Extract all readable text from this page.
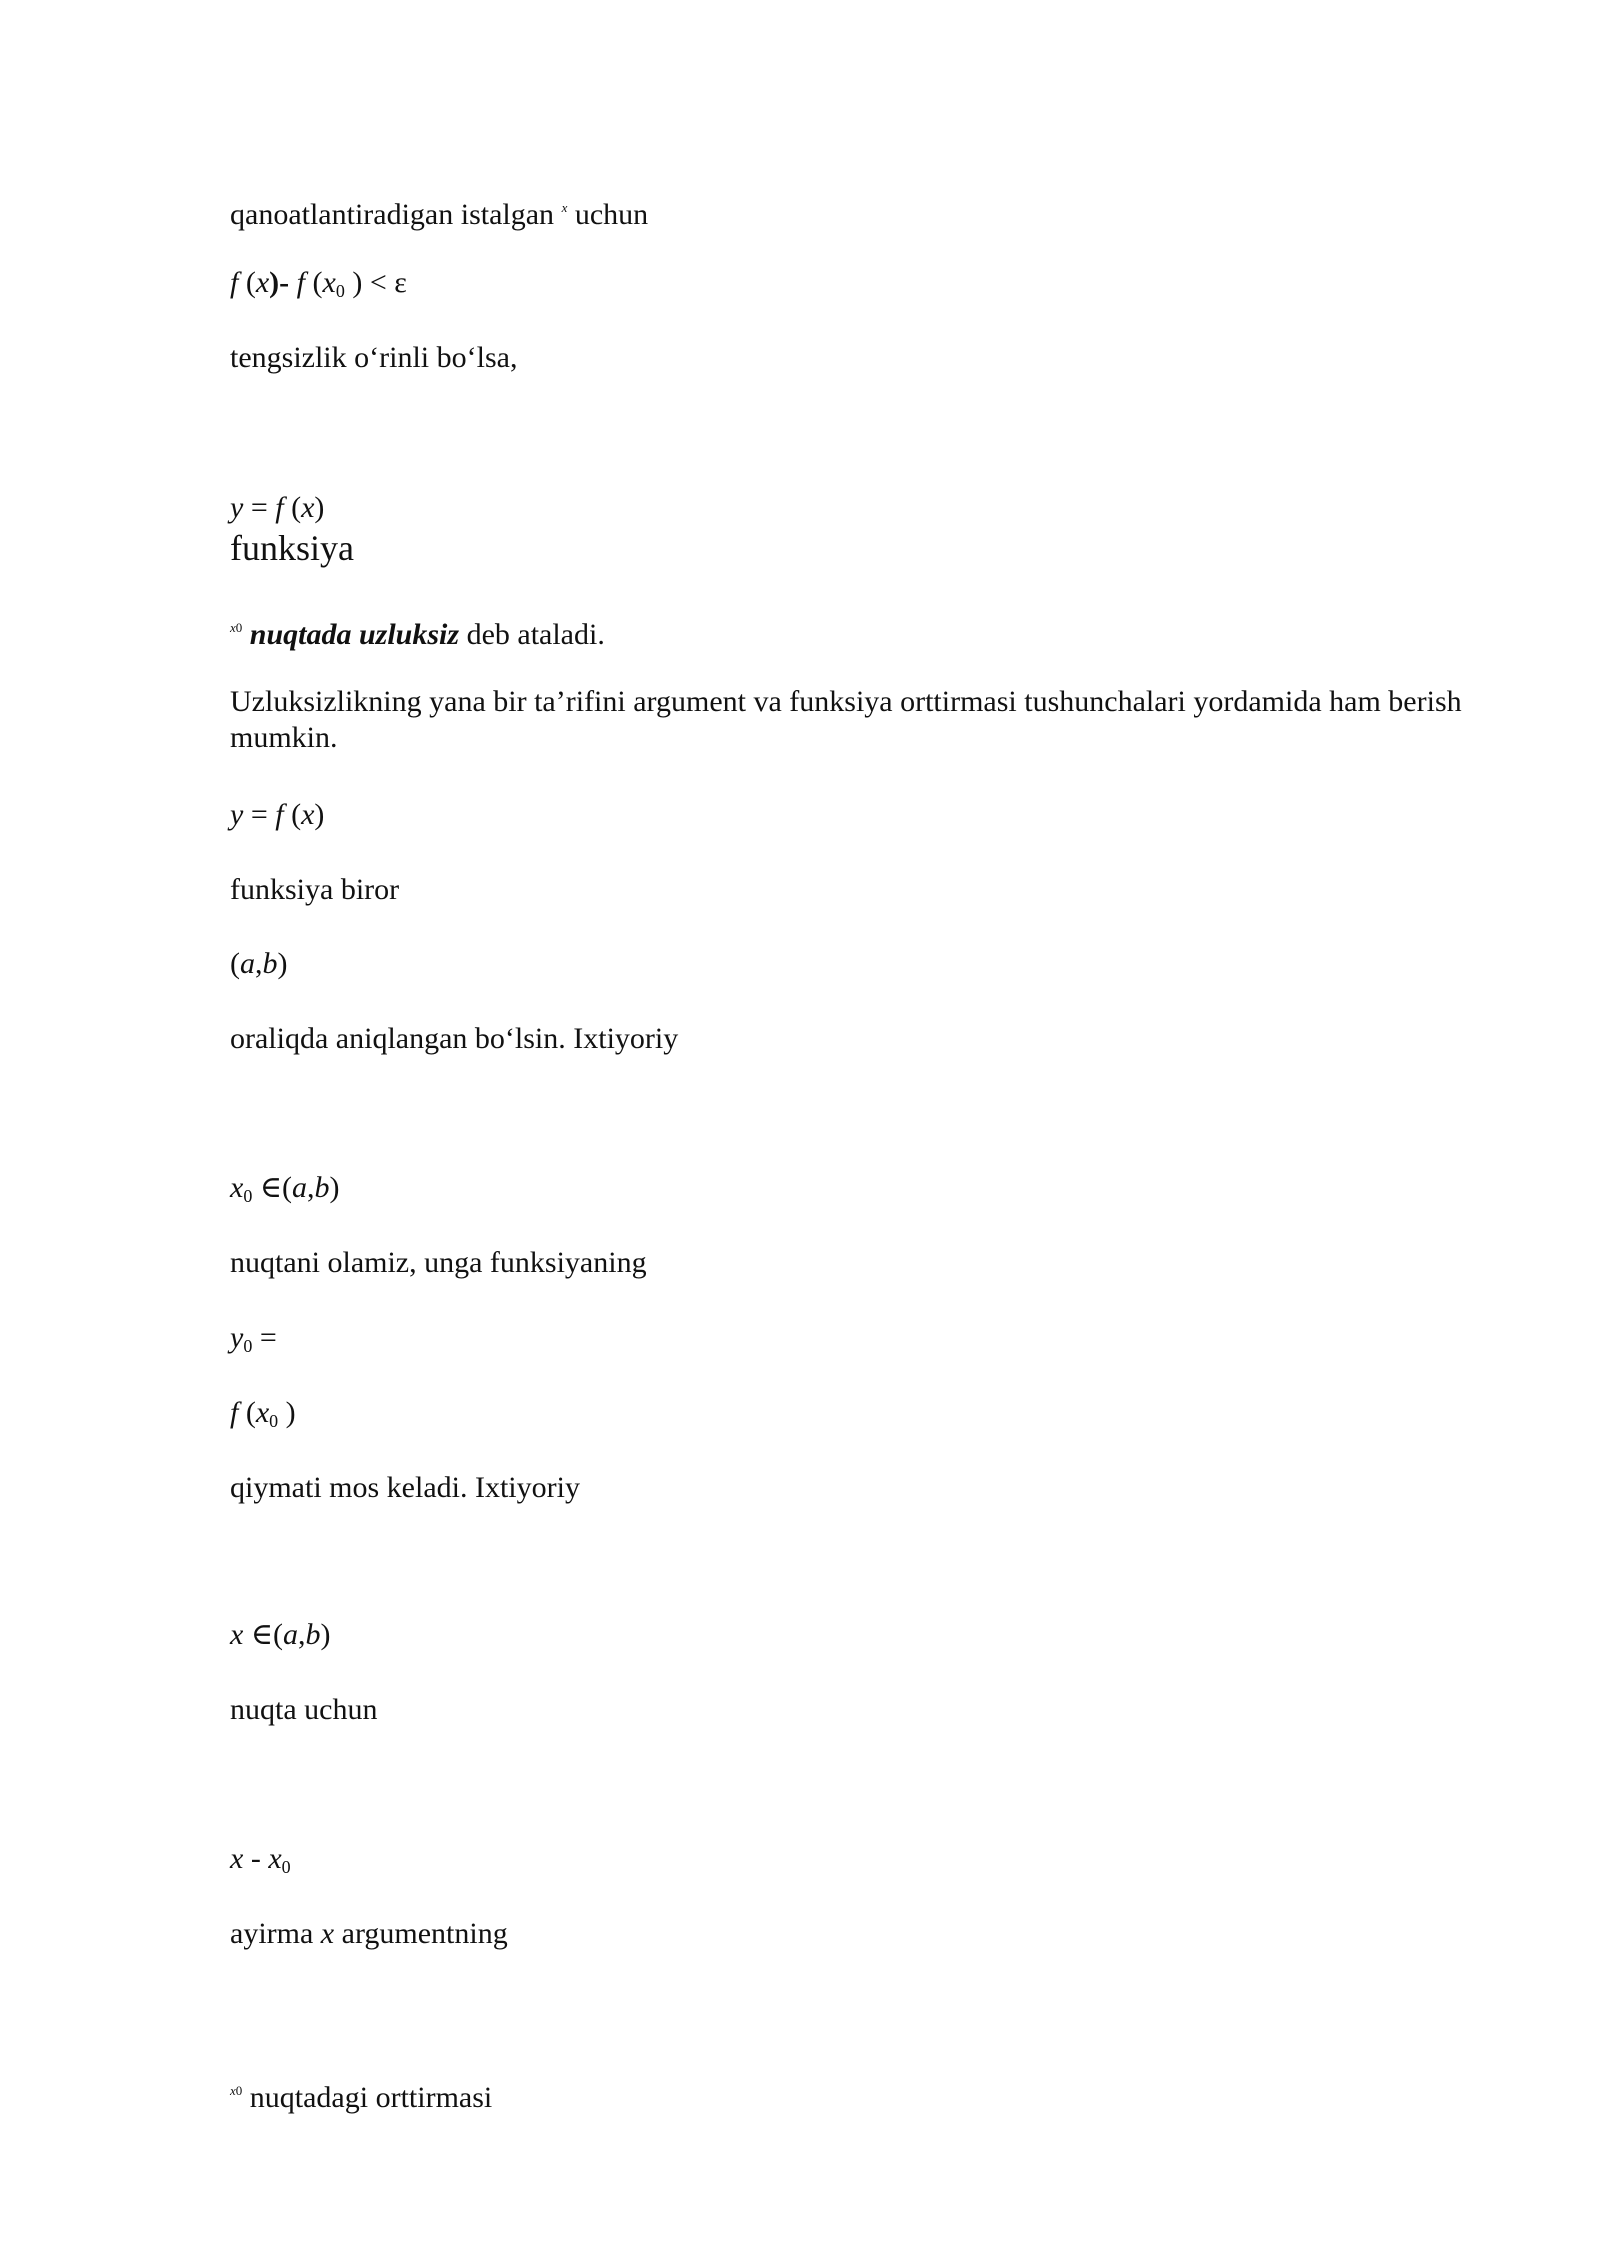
qanoatlantiradigan istalgan $^x$ uchun
f (x)- f ($x_0$ ) < ε
tengsizlik o‘rinli bo‘lsa,
y = f (x)
funksiya
$^{x0}$ nuqtada uzluksiz deb ataladi.
Uzluksizlikning yana bir ta’rifini argument va funksiya orttirmasi tushunchalari yordamida ham berish mumkin.
y = f (x)
funksiya biror
(a,b)
oraliqda aniqlangan bo‘lsin. Ixtiyoriy
$x_0$ ∈(a,b)
nuqtani olamiz, unga funksiyaning
$y_0$ =
f ($x_0$ )
qiymati mos keladi. Ixtiyoriy
x ∈(a,b)
nuqta uchun
x - $x_0$
ayirma x argumentning
$^{x0}$ nuqtadagi orttirmasi
